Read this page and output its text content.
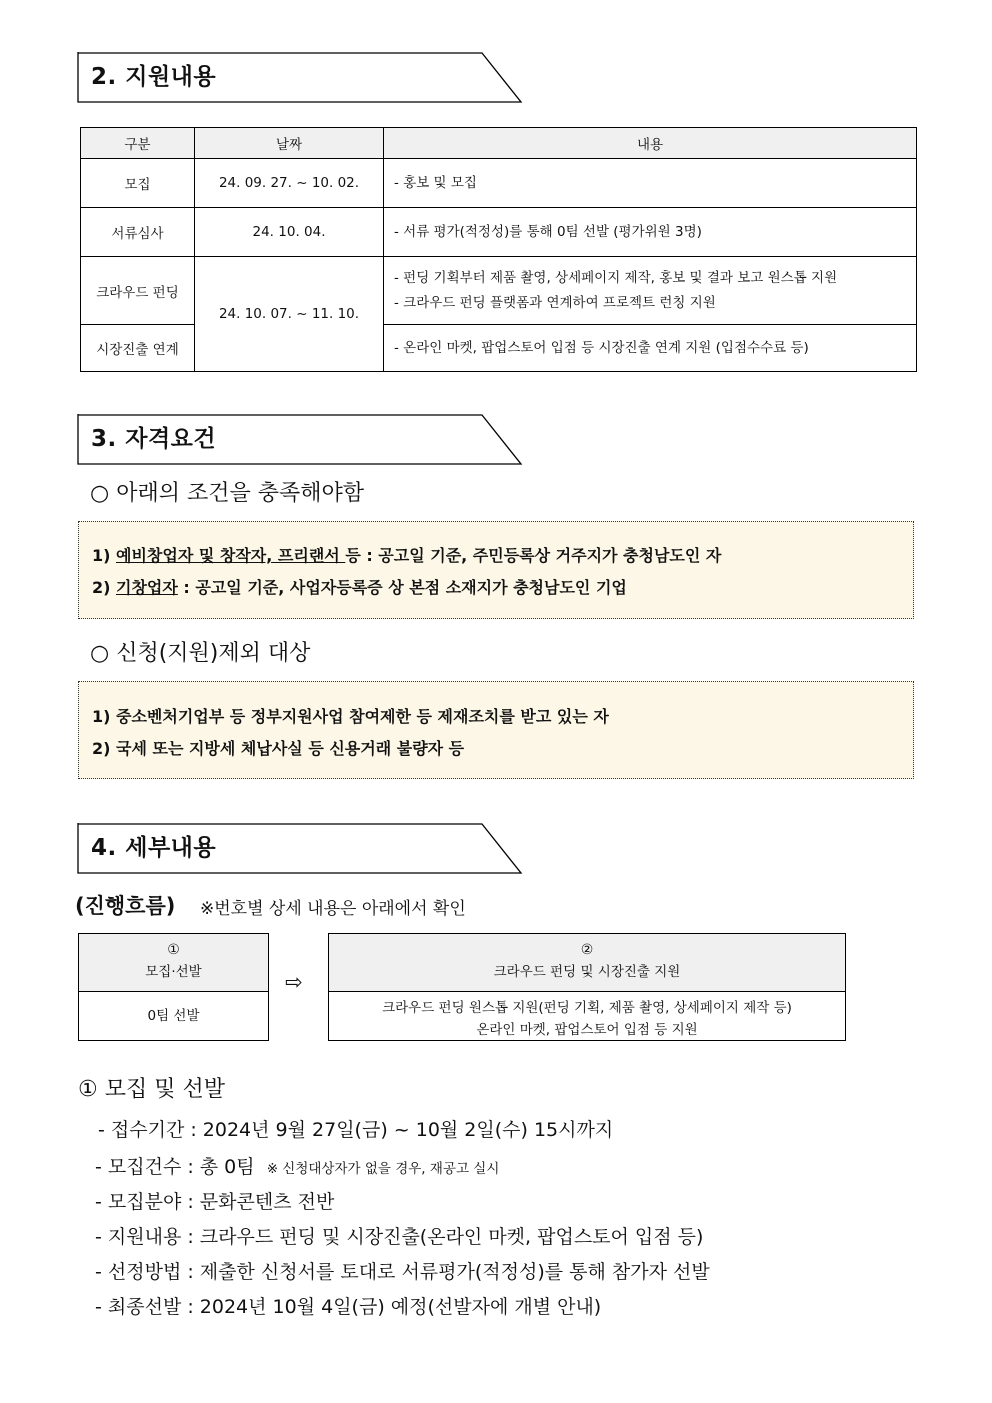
2. 지원내용
구분	날짜	내용
모집	24. 09. 27. ~ 10. 02.	- 홍보 및 모집
서류심사	24. 10. 04.	- 서류 평가(적정성)를 통해 0팀 선발 (평가위원 3명)
크라우드 펀딩	24. 10. 07. ~ 11. 10.	- 펀딩 기획부터 제품 촬영, 상세페이지 제작, 홍보 및 결과 보고 원스톱 지원
- 크라우드 펀딩 플랫폼과 연계하여 프로젝트 런칭 지원

시장진출 연계		- 온라인 마켓, 팝업스토어 입점 등 시장진출 연계 지원 (입점수수료 등)
3. 자격요건
○ 아래의 조건을 충족해야함
1) 예비창업자 및 창작자, 프리랜서 등 : 공고일 기준, 주민등록상 거주지가 충청남도인 자
2) 기창업자 : 공고일 기준, 사업자등록증 상 본점 소재지가 충청남도인 기업
○ 신청(지원)제외 대상
1) 중소벤처기업부 등 정부지원사업 참여제한 등 제재조치를 받고 있는 자
2) 국세 또는 지방세 체납사실 등 신용거래 불량자 등
4. 세부내용
(진행흐름) ※번호별 상세 내용은 아래에서 확인
①
모집·선발
0팀 선발
⇨
②
크라우드 펀딩 및 시장진출 지원
크라우드 펀딩 원스톱 지원(펀딩 기획, 제품 촬영, 상세페이지 제작 등)
온라인 마켓, 팝업스토어 입점 등 지원
① 모집 및 선발
- 접수기간 : 2024년 9월 27일(금) ~ 10월 2일(수) 15시까지
- 모집건수 : 총 0팀 ※ 신청대상자가 없을 경우, 재공고 실시
- 모집분야 : 문화콘텐츠 전반
- 지원내용 : 크라우드 펀딩 및 시장진출(온라인 마켓, 팝업스토어 입점 등)
- 선정방법 : 제출한 신청서를 토대로 서류평가(적정성)를 통해 참가자 선발
- 최종선발 : 2024년 10월 4일(금) 예정(선발자에 개별 안내)
